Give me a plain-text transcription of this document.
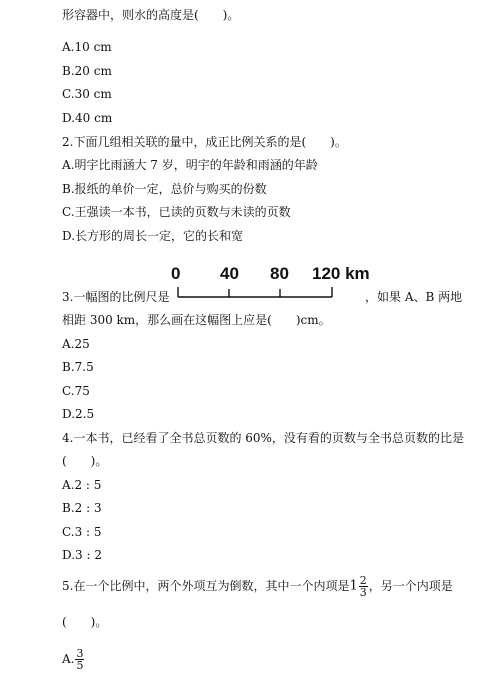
形容器中，则水的高度是(　　)。
A.10 cm
B.20 cm
C.30 cm
D.40 cm
2.下面几组相关联的量中，成正比例关系的是(　　)。
A.明宇比雨涵大 7 岁，明宇的年龄和雨涵的年龄
B.报纸的单价一定，总价与购买的份数
C.王强读一本书，已读的页数与未读的页数
D.长方形的周长一定，它的长和宽
0 40 80 120 km
3.一幅图的比例尺是	，如果 A、B 两地
相距 300 km，那么画在这幅图上应是(　　)cm。
A.25
B.7.5
C.75
D.2.5
4.一本书，已经看了全书总页数的 60%，没有看的页数与全书总页数的比是
(　　)。
A.2 : 5
B.2 : 3
C.3 : 5
D.3 : 2
5.在一个比例中，两个外项互为倒数，其中一个内项是$1 \frac{2}{3}$ ，另一个内项是
(　　)。
A. $\frac{3}{5}$
